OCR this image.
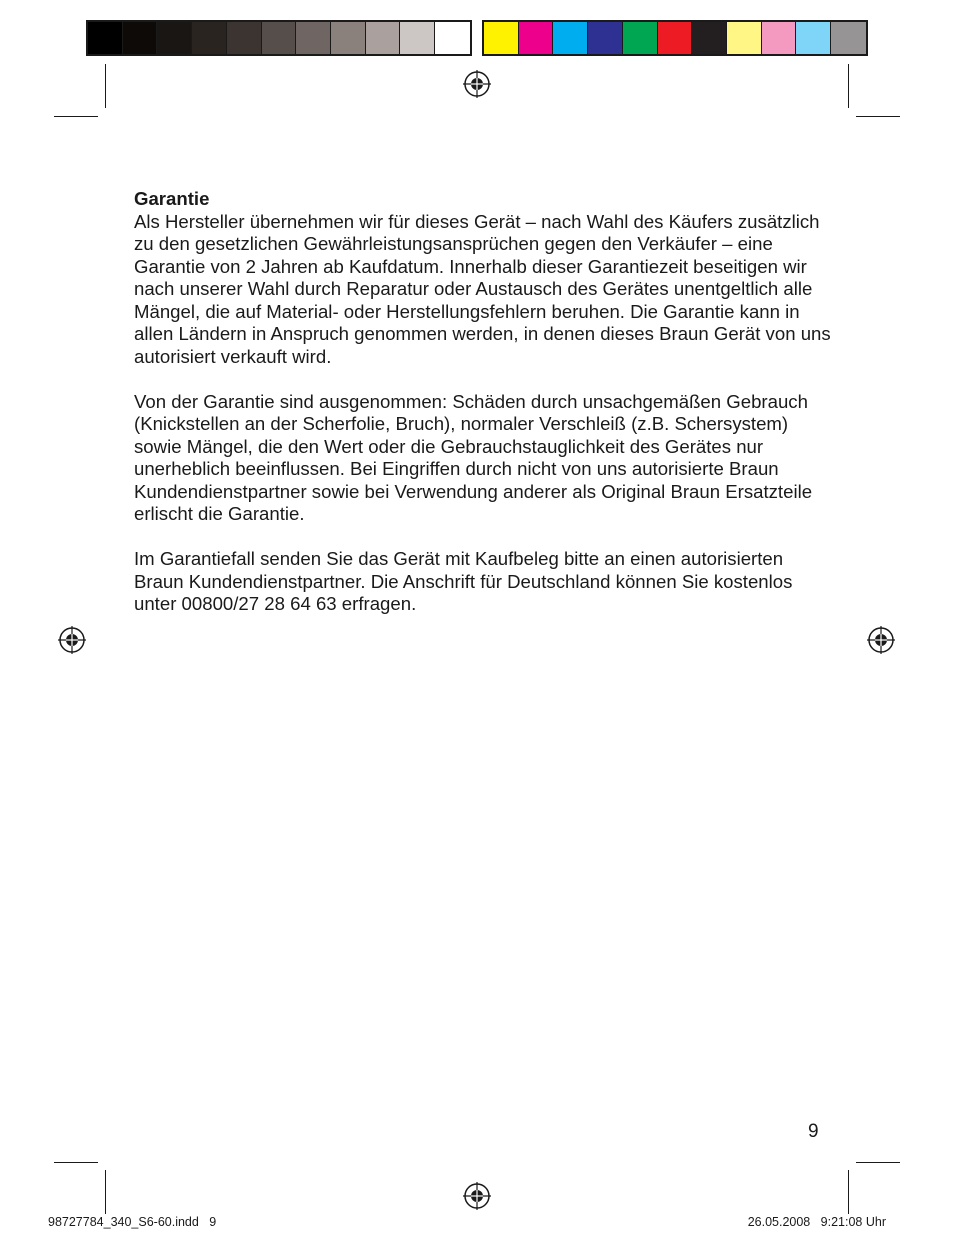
Garantie

Als Hersteller übernehmen wir für dieses Gerät – nach Wahl des Käufers zusätzlich zu den gesetzlichen Gewährleistungsansprüchen gegen den Verkäufer – eine Garantie von 2 Jahren ab Kaufdatum. Innerhalb dieser Garantiezeit beseitigen wir nach unserer Wahl durch Reparatur oder Austausch des Gerätes unentgeltlich alle Mängel, die auf Material- oder Herstellungsfehlern beruhen. Die Garantie kann in allen Ländern in Anspruch genommen werden, in denen dieses Braun Gerät von uns autorisiert verkauft wird.

Von der Garantie sind ausgenommen: Schäden durch unsachgemäßen Gebrauch (Knickstellen an der Scherfolie, Bruch), normaler Verschleiß (z.B. Schersystem) sowie Mängel, die den Wert oder die Gebrauchstauglichkeit des Gerätes nur unerheblich beeinflussen. Bei Eingriffen durch nicht von uns autorisierte Braun Kundendienstpartner sowie bei Verwendung anderer als Original Braun Ersatzteile erlischt die Garantie.

Im Garantiefall senden Sie das Gerät mit Kaufbeleg bitte an einen autorisierten Braun Kundendienstpartner. Die Anschrift für Deutschland können Sie kostenlos unter 00800/27 28 64 63 erfragen.

9
98727784_340_S6-60.indd   9	26.05.2008   9:21:08 Uhr
